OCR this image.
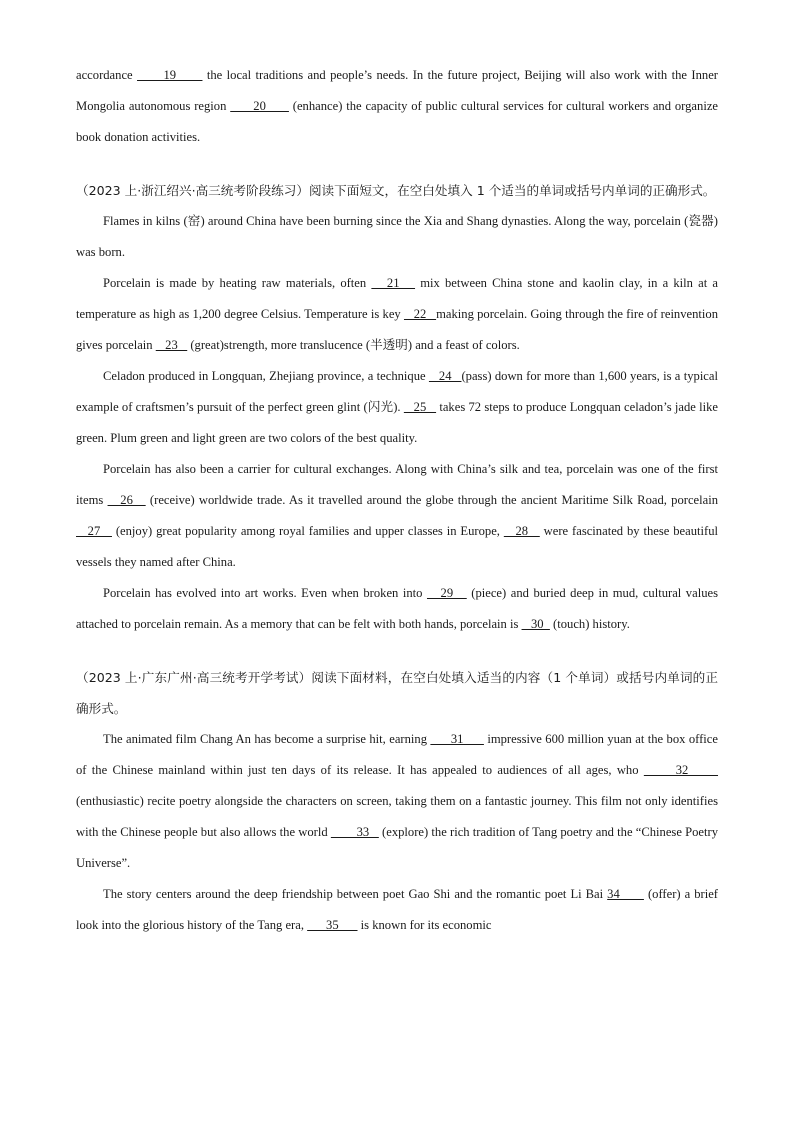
accordance       19       the local traditions and people’s needs. In the future project, Beijing will also work with the Inner Mongolia autonomous region       20       (enhance) the capacity of public cultural services for cultural workers and organize book donation activities.

（2023 上·浙江绍兴·高三统考阶段练习）阅读下面短文，在空白处填入 1 个适当的单词或括号内单词的正确形式。

Flames in kilns (窑) around China have been burning since the Xia and Shang dynasties. Along the way, porcelain (瓷器) was born.

Porcelain is made by heating raw materials, often    21    mix between China stone and kaolin clay, in a kiln at a temperature as high as 1,200 degree Celsius. Temperature is key    22   making porcelain. Going through the fire of reinvention gives porcelain    23    (great)strength, more translucence (半透明) and a feast of colors.

Celadon produced in Longquan, Zhejiang province, a technique    24   (pass) down for more than 1,600 years, is a typical example of craftsmen’s pursuit of the perfect green glint (闪光).    25    takes 72 steps to produce Longquan celadon’s jade like green. Plum green and light green are two colors of the best quality.

Porcelain has also been a carrier for cultural exchanges. Along with China’s silk and tea, porcelain was one of the first items    26    (receive) worldwide trade. As it travelled around the globe through the ancient Maritime Silk Road, porcelain    27    (enjoy) great popularity among royal families and upper classes in Europe,    28    were fascinated by these beautiful vessels they named after China.

Porcelain has evolved into art works. Even when broken into    29    (piece) and buried deep in mud, cultural values attached to porcelain remain. As a memory that can be felt with both hands, porcelain is    30   (touch) history.

（2023 上·广东广州·高三统考开学考试）阅读下面材料，在空白处填入适当的内容（1 个单词）或括号内单词的正确形式。

The animated film Chang An has become a surprise hit, earning       31       impressive 600 million yuan at the box office of the Chinese mainland within just ten days of its release. It has appealed to audiences of all ages, who       32       (enthusiastic) recite poetry alongside the characters on screen, taking them on a fantastic journey. This film not only identifies with the Chinese people but also allows the world         33    (explore) the rich tradition of Tang poetry and the “Chinese Poetry Universe”.

The story centers around the deep friendship between poet Gao Shi and the romantic poet Li Bai 34       (offer) a brief look into the glorious history of the Tang era,       35       is known for its economic
